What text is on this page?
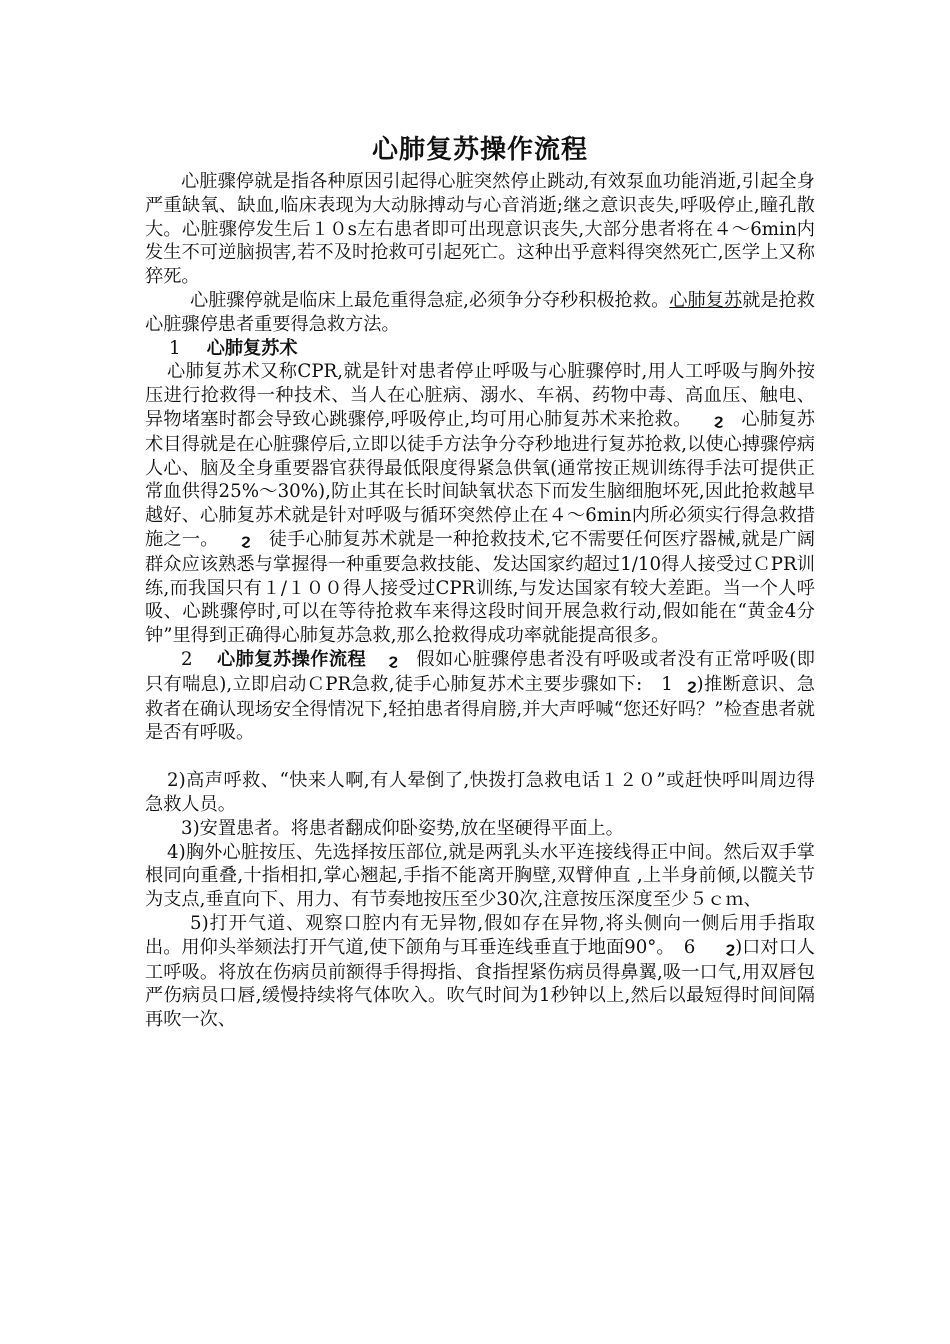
心肺复苏操作流程

心脏骤停就是指各种原因引起得心脏突然停止跳动,有效泵血功能消逝,引起全身严重缺氧、缺血,临床表现为大动脉搏动与心音消逝;继之意识丧失,呼吸停止,瞳孔散大。心脏骤停发生后１０s左右患者即可出现意识丧失,大部分患者将在４～6min内发生不可逆脑损害,若不及时抢救可引起死亡。这种出乎意料得突然死亡,医学上又称猝死。

心脏骤停就是临床上最危重得急症,必须争分夺秒积极抢救。心肺复苏就是抢救心脏骤停患者重要得急救方法。

1 心肺复苏术

心肺复苏术又称CPR,就是针对患者停止呼吸与心脏骤停时,用人工呼吸与胸外按压进行抢救得一种技术、当人在心脏病、溺水、车祸、药物中毒、高血压、触电、异物堵塞时都会导致心跳骤停,呼吸停止,均可用心肺复苏术来抢救。 ϩ 心肺复苏术目得就是在心脏骤停后,立即以徒手方法争分夺秒地进行复苏抢救,以使心搏骤停病人心、脑及全身重要器官获得最低限度得紧急供氧(通常按正规训练得手法可提供正常血供得25%～30%),防止其在长时间缺氧状态下而发生脑细胞坏死,因此抢救越早越好、心肺复苏术就是针对呼吸与循环突然停止在４～6min内所必须实行得急救措施之一。 ϩ 徒手心肺复苏术就是一种抢救技术,它不需要任何医疗器械,就是广阔群众应该熟悉与掌握得一种重要急救技能、发达国家约超过1/10得人接受过ＣPR训练,而我国只有１/１００得人接受过CPR训练,与发达国家有较大差距。当一个人呼吸、心跳骤停时,可以在等待抢救车来得这段时间开展急救行动,假如能在“黄金4分钟”里得到正确得心肺复苏急救,那么抢救得成功率就能提高很多。

2 心肺复苏操作流程 ϩ 假如心脏骤停患者没有呼吸或者没有正常呼吸(即只有喘息),立即启动ＣPR急救,徒手心肺复苏术主要步骤如下:　1 ϩ)推断意识、急救者在确认现场安全得情况下,轻拍患者得肩膀,并大声呼喊“您还好吗？”检查患者就是否有呼吸。

2)高声呼救、“快来人啊,有人晕倒了,快拨打急救电话１２０”或赶快呼叫周边得急救人员。

3)安置患者。将患者翻成仰卧姿势,放在坚硬得平面上。

4)胸外心脏按压、先选择按压部位,就是两乳头水平连接线得正中间。然后双手掌根同向重叠,十指相扣,掌心翘起,手指不能离开胸壁,双臂伸直 ,上半身前倾,以髋关节为支点,垂直向下、用力、有节奏地按压至少30次,注意按压深度至少５ｃｍ、

5)打开气道、观察口腔内有无异物,假如存在异物,将头侧向一侧后用手指取出。用仰头举颏法打开气道,使下颌角与耳垂连线垂直于地面90°。　6 ϩ)口对口人工呼吸。将放在伤病员前额得手得拇指、食指捏紧伤病员得鼻翼,吸一口气,用双唇包严伤病员口唇,缓慢持续将气体吹入。吹气时间为1秒钟以上,然后以最短得时间间隔再吹一次、
